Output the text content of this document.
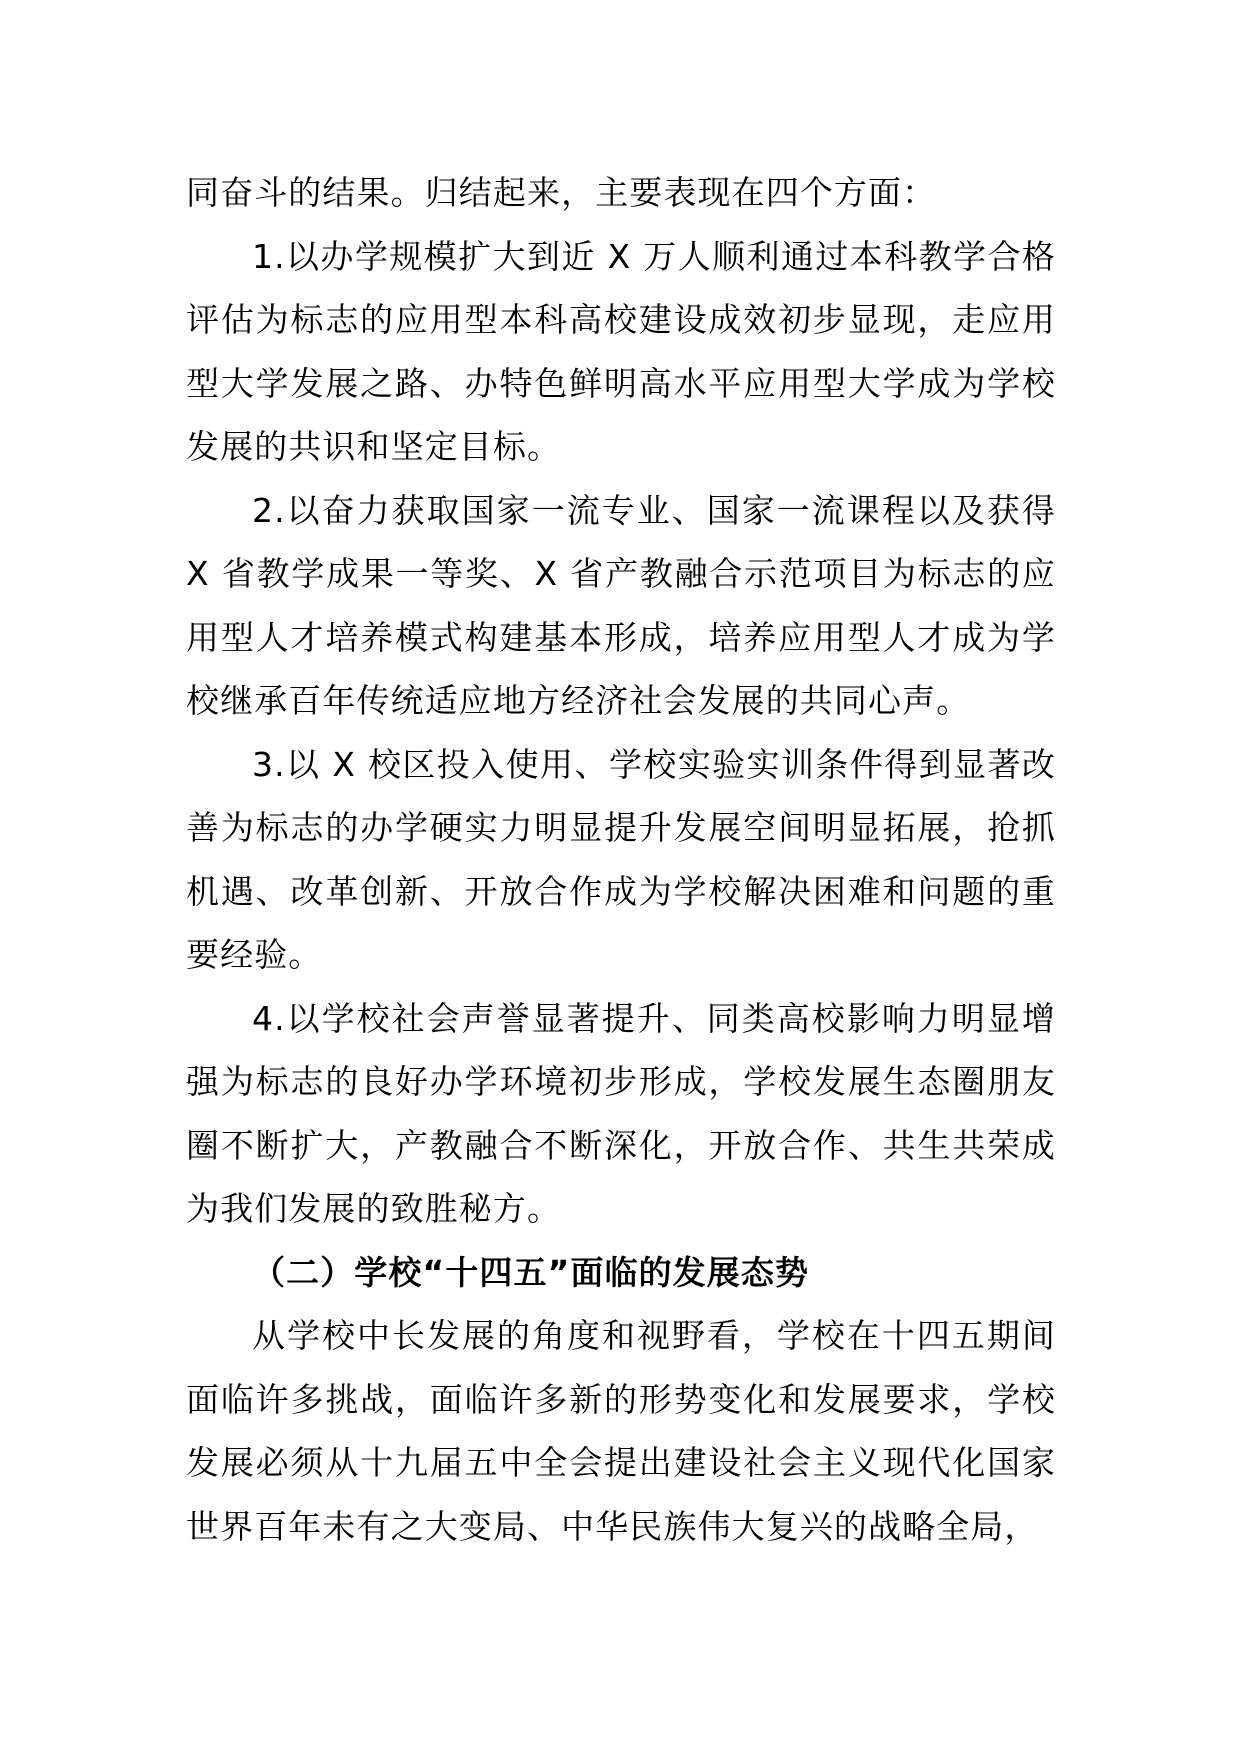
同奋斗的结果。归结起来，主要表现在四个方面：

1.以办学规模扩大到近 X 万人顺利通过本科教学合格评估为标志的应用型本科高校建设成效初步显现，走应用型大学发展之路、办特色鲜明高水平应用型大学成为学校发展的共识和坚定目标。

2.以奋力获取国家一流专业、国家一流课程以及获得 X 省教学成果一等奖、X 省产教融合示范项目为标志的应用型人才培养模式构建基本形成，培养应用型人才成为学校继承百年传统适应地方经济社会发展的共同心声。

3.以 X 校区投入使用、学校实验实训条件得到显著改善为标志的办学硬实力明显提升发展空间明显拓展，抢抓机遇、改革创新、开放合作成为学校解决困难和问题的重要经验。

4.以学校社会声誉显著提升、同类高校影响力明显增强为标志的良好办学环境初步形成，学校发展生态圈朋友圈不断扩大，产教融合不断深化，开放合作、共生共荣成为我们发展的致胜秘方。

（二）学校“十四五”面临的发展态势

从学校中长发展的角度和视野看，学校在十四五期间面临许多挑战，面临许多新的形势变化和发展要求，学校发展必须从十九届五中全会提出建设社会主义现代化国家世界百年未有之大变局、中华民族伟大复兴的战略全局，
